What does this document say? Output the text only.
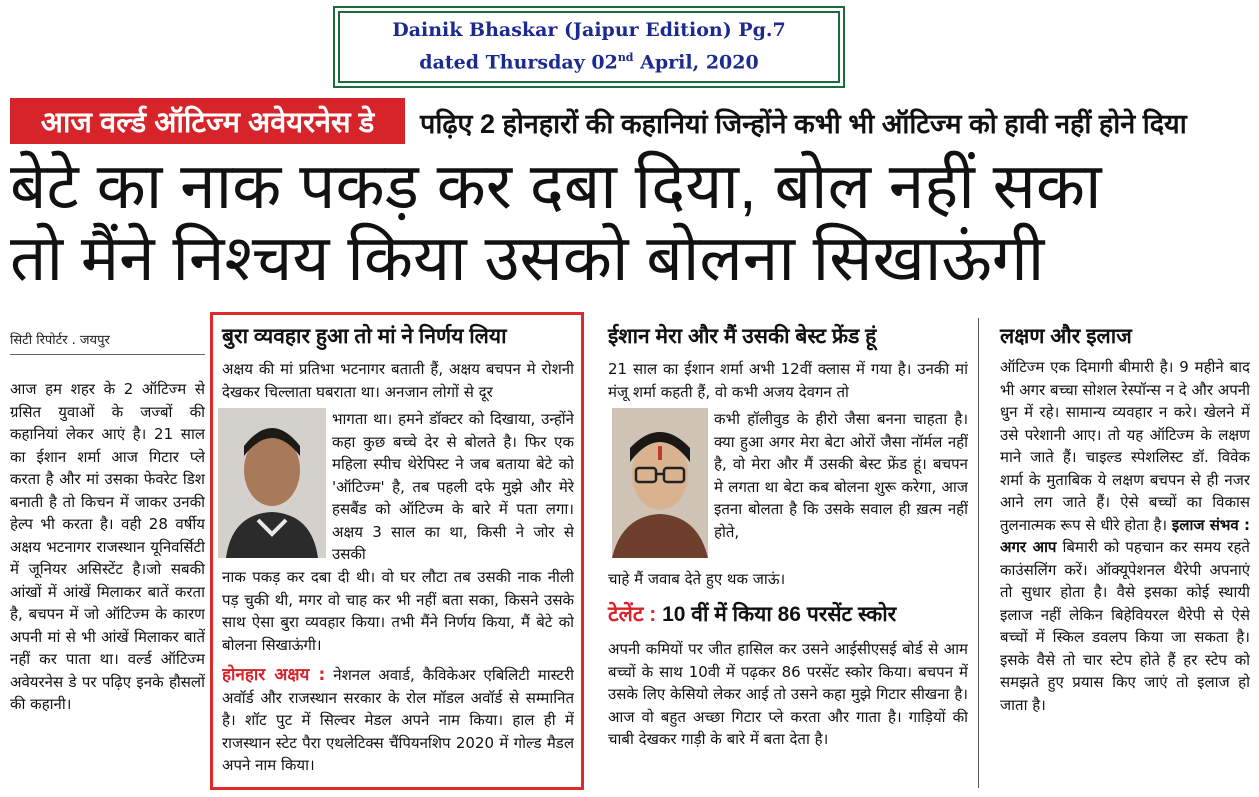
Dainik Bhaskar (Jaipur Edition) Pg.7
dated Thursday 02nd April, 2020
आज वर्ल्ड ऑटिज्म अवेयरनेस डे	पढ़िए 2 होनहारों की कहानियां जिन्होंने कभी भी ऑटिज्म को हावी नहीं होने दिया
बेटे का नाक पकड़ कर दबा दिया, बोल नहीं सका
तो मैंने निश्चय किया उसको बोलना सिखाऊंगी
सिटी रिपोर्टर . जयपुर
आज हम शहर के 2 ऑटिज्म से ग्रसित युवाओं के जज्बों की कहानियां लेकर आएं है। 21 साल का ईशान शर्मा आज गिटार प्ले करता है और मां उसका फेवरेट डिश बनाती है तो किचन में जाकर उनकी हेल्प भी करता है। वही 28 वर्षीय अक्षय भटनागर राजस्थान यूनिवर्सिटी में जूनियर असिस्टेंट है।जो सबकी आंखों में आंखें मिलाकर बातें करता है, बचपन में जो ऑटिज्म के कारण अपनी मां से भी आंखें मिलाकर बातें नहीं कर पाता था। वर्ल्ड ऑटिज्म अवेयरनेस डे पर पढ़िए इनके हौसलों की कहानी।
बुरा व्यवहार हुआ तो मां ने निर्णय लिया
अक्षय की मां प्रतिभा भटनागर बताती हैं, अक्षय बचपन मे रोशनी देखकर चिल्लाता घबराता था। अनजान लोगों से दूर
भागता था। हमने डॉक्टर को दिखाया, उन्होंने कहा कुछ बच्चे देर से बोलते है। फिर एक महिला स्पीच थेरेपिस्ट ने जब बताया बेटे को 'ऑटिज्म' है, तब पहली दफे मुझे और मेरे हसबैंड को ऑटिज्म के बारे में पता लगा। अक्षय 3 साल का था, किसी ने जोर से उसकी
नाक पकड़ कर दबा दी थी। वो घर लौटा तब उसकी नाक नीली पड़ चुकी थी, मगर वो चाह कर भी नहीं बता सका, किसने उसके साथ ऐसा बुरा व्यवहार किया। तभी मैंने निर्णय किया, मैं बेटे को बोलना सिखाऊंगी।
होनहार अक्षय : नेशनल अवार्ड, कैविकेअर एबिलिटी मास्टरी अवॉर्ड और राजस्थान सरकार के रोल मॉडल अवॉर्ड से सम्मानित है। शॉट पुट में सिल्वर मेडल अपने नाम किया। हाल ही में राजस्थान स्टेट पैरा एथलेटिक्स चैंपियनशिप 2020 में गोल्ड मैडल अपने नाम किया।
ईशान मेरा और मैं उसकी बेस्ट फ्रेंड हूं
21 साल का ईशान शर्मा अभी 12वीं क्लास में गया है। उनकी मां मंजू शर्मा कहती हैं, वो कभी अजय देवगन तो
कभी हॉलीवुड के हीरो जैसा बनना चाहता है। क्या हुआ अगर मेरा बेटा ओरों जैसा नॉर्मल नहीं है, वो मेरा और मैं उसकी बेस्ट फ्रेंड हूं। बचपन मे लगता था बेटा कब बोलना शुरू करेगा, आज इतना बोलता है कि उसके सवाल ही ख़त्म नहीं होते,
चाहे मैं जवाब देते हुए थक जाऊं।
टेलेंट : 10 वीं में किया 86 परसेंट स्कोर
अपनी कमियों पर जीत हासिल कर उसने आईसीएसई बोर्ड से आम बच्चों के साथ 10वी में पढ़कर 86 परसेंट स्कोर किया। बचपन में उसके लिए केसियो लेकर आई तो उसने कहा मुझे गिटार सीखना है। आज वो बहुत अच्छा गिटार प्ले करता और गाता है। गाड़ियों की चाबी देखकर गाड़ी के बारे में बता देता है।
लक्षण और इलाज
ऑटिज्म एक दिमागी बीमारी है। 9 महीने बाद भी अगर बच्चा सोशल रेस्पॉन्स न दे और अपनी धुन में रहे। सामान्य व्यवहार न करे। खेलने में उसे परेशानी आए। तो यह ऑटिज्म के लक्षण माने जाते हैं। चाइल्ड स्पेशलिस्ट डॉ. विवेक शर्मा के मुताबिक ये लक्षण बचपन से ही नजर आने लग जाते हैं। ऐसे बच्चों का विकास तुलनात्मक रूप से धीरे होता है। इलाज संभव : अगर आप बिमारी को पहचान कर समय रहते काउंसलिंग करें। ऑक्यूपेशनल थैरेपी अपनाएं तो सुधार होता है। वैसे इसका कोई स्थायी इलाज नहीं लेकिन बिहेवियरल थैरेपी से ऐसे बच्चों में स्किल डवलप किया जा सकता है। इसके वैसे तो चार स्टेप होते हैं हर स्टेप को समझते हुए प्रयास किए जाएं तो इलाज हो जाता है।
